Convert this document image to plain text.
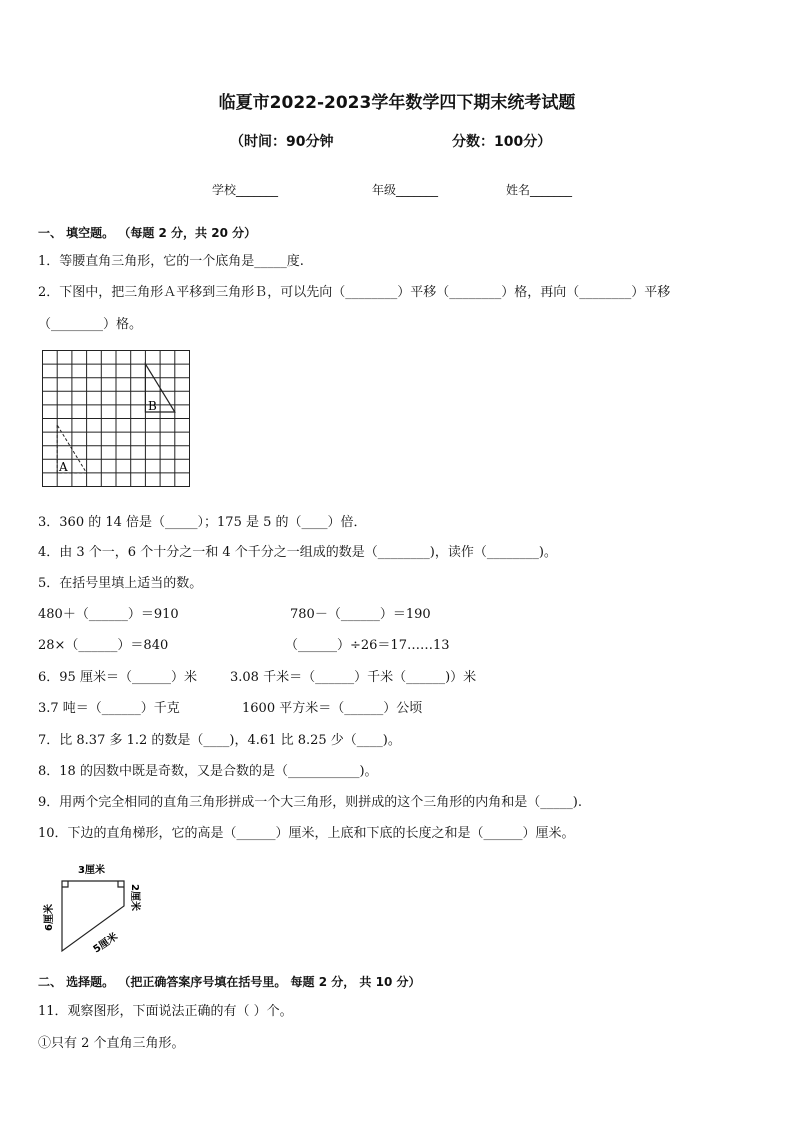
临夏市2022-2023学年数学四下期末统考试题
（时间：90分钟	分数：100分）
学校_______	年级_______	姓名_______
一、 填空题。 （每题 2 分，共 20 分）
1．等腰直角三角形，它的一个底角是_____度.
2．下图中，把三角形Ａ平移到三角形Ｂ，可以先向（________）平移（________）格，再向（________）平移
（________）格。
A
B
3．360 的 14 倍是（_____）；175 是 5 的（____）倍．
4．由 3 个一，6 个十分之一和 4 个千分之一组成的数是（________)，读作（________)。
5．在括号里填上适当的数。
480＋（______）＝910	780－（______）＝190
28×（______）＝840	（______）÷26＝17……13
6．95 厘米＝（______）米	3.08 千米＝（______）千米（______)）米
3.7 吨＝（______）千克	1600 平方米＝（______）公顷
7．比 8.37 多 1.2 的数是（____)，4.61 比 8.25 少（____)。
8．18 的因数中既是奇数，又是合数的是（___________)。
9．用两个完全相同的直角三角形拼成一个大三角形，则拼成的这个三角形的内角和是（_____).
10．下边的直角梯形，它的高是（______）厘米，上底和下底的长度之和是（______）厘米。
3厘米
6厘米
2厘米
5厘米
二、 选择题。 （把正确答案序号填在括号里。 每题 2 分， 共 10 分）
11．观察图形，下面说法正确的有（ ）个。
①只有 2 个直角三角形。
